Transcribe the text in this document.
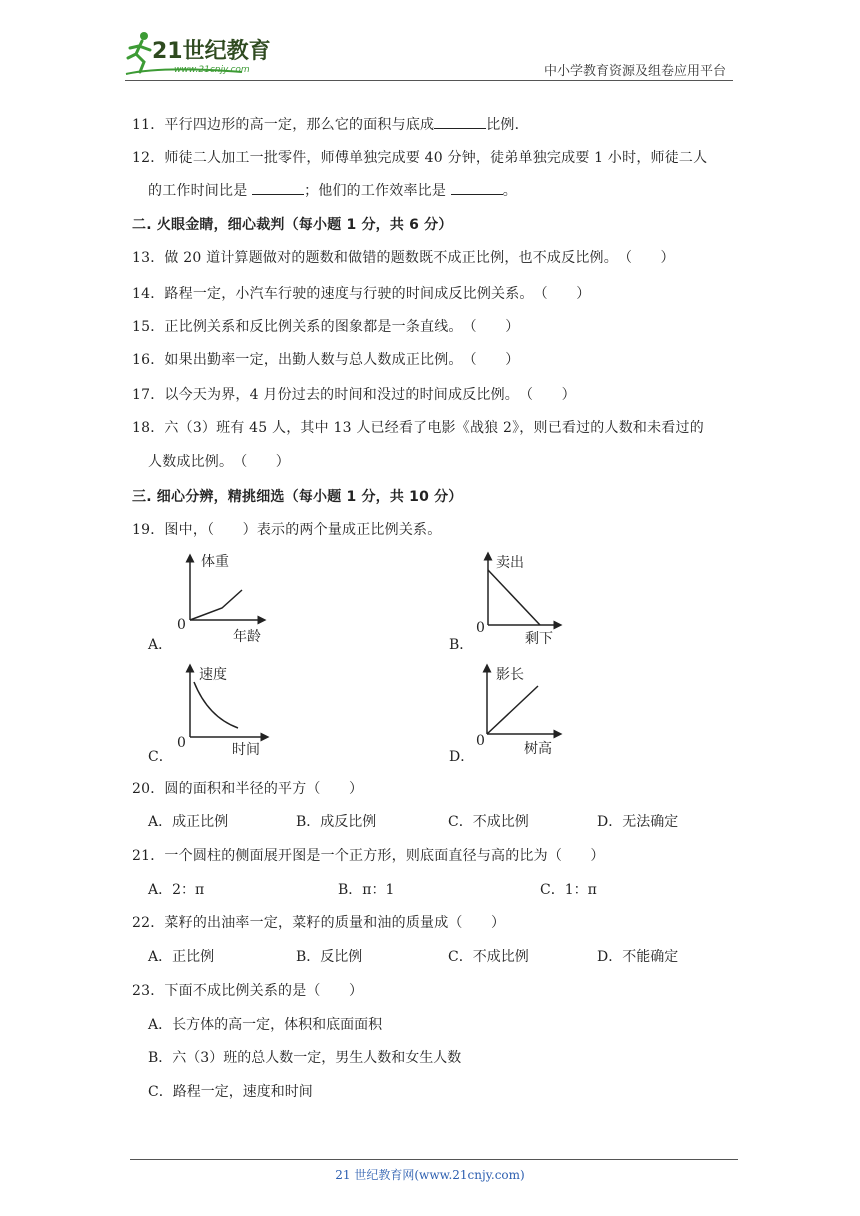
21世纪教育
www.21cnjy.com	中小学教育资源及组卷应用平台
11．平行四边形的高一定，那么它的面积与底成	比例．
12．师徒二人加工一批零件，师傅单独完成要 40 分钟，徒弟单独完成要 1 小时，师徒二人
的工作时间比是	；他们的工作效率比是	。
二. 火眼金睛，细心裁判（每小题 1 分，共 6 分）
13．做 20 道计算题做对的题数和做错的题数既不成正比例，也不成反比例。（　　）
14．路程一定，小汽车行驶的速度与行驶的时间成反比例关系。（　　）
15．正比例关系和反比例关系的图象都是一条直线。（　　）
16．如果出勤率一定，出勤人数与总人数成正比例。（　　）
17．以今天为界，4 月份过去的时间和没过的时间成反比例。（　　）
18．六（3）班有 45 人，其中 13 人已经看了电影《战狼 2》，则已看过的人数和未看过的
人数成比例。（　　）
三. 细心分辨，精挑细选（每小题 1 分，共 10 分）
19．图中，（　　）表示的两个量成正比例关系。
A．
体重
年龄
0
B．
卖出
剩下
0
C．
速度
时间
0
D．
影长
树高
0
20．圆的面积和半径的平方（　　）
A．成正比例	B．成反比例	C．不成比例	D．无法确定
21．一个圆柱的侧面展开图是一个正方形，则底面直径与高的比为（　　）
A．2：π	B．π：1	C．1：π
22．菜籽的出油率一定，菜籽的质量和油的质量成（　　）
A．正比例	B．反比例	C．不成比例	D．不能确定
23．下面不成比例关系的是（　　）
A．长方体的高一定，体积和底面面积
B．六（3）班的总人数一定，男生人数和女生人数
C．路程一定，速度和时间
21 世纪教育网(www.21cnjy.com)
